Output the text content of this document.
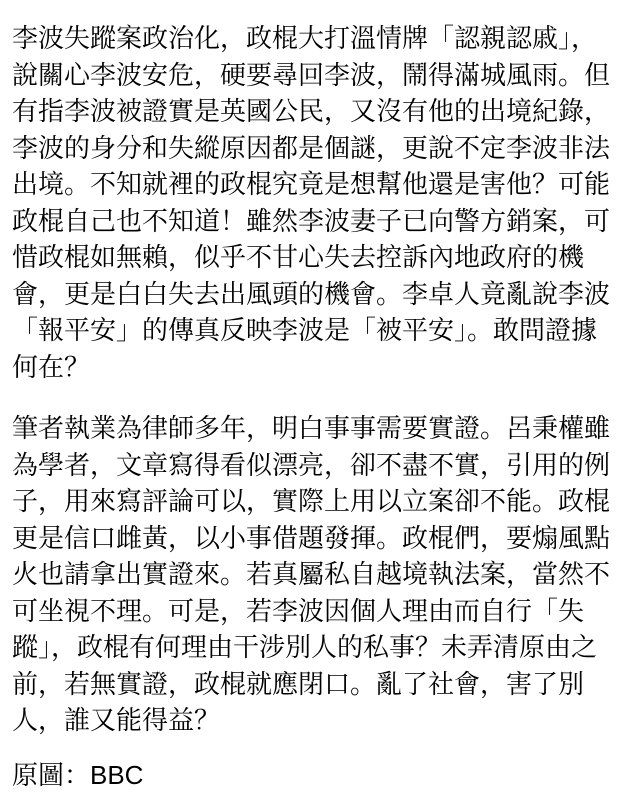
李波失蹤案政治化，政棍大打溫情牌「認親認戚」，
說關心李波安危，硬要尋回李波，鬧得滿城風雨。但
有指李波被證實是英國公民，又沒有他的出境紀錄，
李波的身分和失縱原因都是個謎，更說不定李波非法
出境。不知就裡的政棍究竟是想幫他還是害他？可能
政棍自己也不知道！雖然李波妻子已向警方銷案，可
惜政棍如無賴，似乎不甘心失去控訴內地政府的機
會，更是白白失去出風頭的機會。李卓人竟亂說李波
「報平安」的傳真反映李波是「被平安」。敢問證據
何在？
筆者執業為律師多年，明白事事需要實證。呂秉權雖
為學者，文章寫得看似漂亮，卻不盡不實，引用的例
子，用來寫評論可以，實際上用以立案卻不能。政棍
更是信口雌黃，以小事借題發揮。政棍們，要煽風點
火也請拿出實證來。若真屬私自越境執法案，當然不
可坐視不理。可是，若李波因個人理由而自行「失
蹤」，政棍有何理由干涉別人的私事？未弄清原由之
前，若無實證，政棍就應閉口。亂了社會，害了別
人，誰又能得益？
原圖：BBC
